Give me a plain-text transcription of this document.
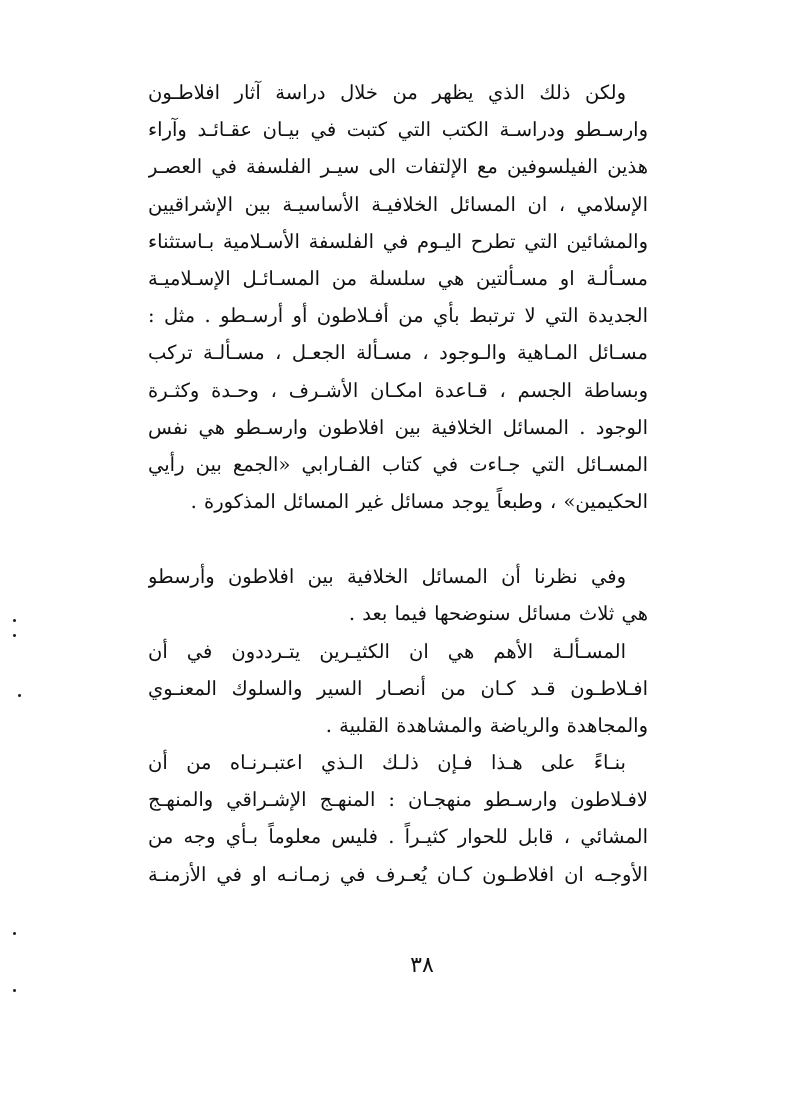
ولكن ذلك الذي يظهر من خلال دراسة آثار افلاطـون
وارسـطو ودراسـة الكتب التي كتبت في بيـان عقـائـد وآراء
هذين الفيلسوفين مع الإلتفات الى سيـر الفلسفة في العصـر
الإسلامي ، ان المسائل الخلافيـة الأساسيـة بين الإشراقيين
والمشائين التي تطرح اليـوم في الفلسفة الأسـلامية بـاستثناء
مسـألـة او مسـألتين هي سلسلة من المسـائـل الإسـلاميـة
الجديدة التي لا ترتبط بأي من أفـلاطون أو أرسـطو . مثل :
مسـائل المـاهية والـوجود ، مسـألة الجعـل ، مسـألـة تركب
وبساطة الجسم ، قـاعدة امكـان الأشـرف ، وحـدة وكثـرة
الوجود . المسائل الخلافية بين افلاطون وارسـطو هي نفس
المسـائل التي جـاءت في كتاب الفـارابي «الجمع بين رأيي
الحكيمين» ، وطبعاً يوجد مسائل غير المسائل المذكورة .
وفي نظرنا أن المسائل الخلافية بين افلاطون وأرسطو
هي ثلاث مسائل سنوضحها فيما بعد .
المسـألـة الأهم هي ان الكثيـرين يتـرددون في أن
افـلاطـون قـد كـان من أنصـار السير والسلوك المعنـوي
والمجاهدة والرياضة والمشاهدة القلبية .
بنـاءً على هـذا فـإن ذلـك الـذي اعتبـرنـاه من أن
لافـلاطون وارسـطو منهجـان : المنهـج الإشـراقي والمنهـج
المشائي ، قابل للحوار كثيـراً . فليس معلوماً بـأي وجه من
الأوجـه ان افلاطـون كـان يُعـرف في زمـانـه او في الأزمنـة
٣٨
